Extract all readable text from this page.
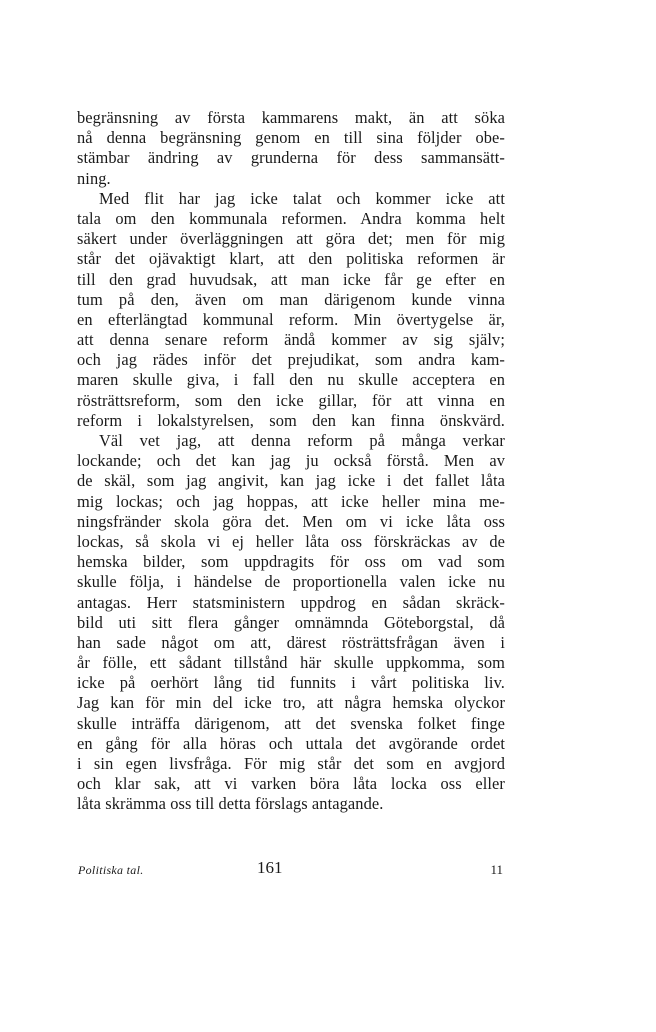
begränsning av första kammarens makt, än att söka
nå denna begränsning genom en till sina följder obe-
stämbar ändring av grunderna för dess sammansätt-
ning.
Med flit har jag icke talat och kommer icke att
tala om den kommunala reformen. Andra komma helt
säkert under överläggningen att göra det; men för mig
står det ojävaktigt klart, att den politiska reformen är
till den grad huvudsak, att man icke får ge efter en
tum på den, även om man därigenom kunde vinna
en efterlängtad kommunal reform. Min övertygelse är,
att denna senare reform ändå kommer av sig själv;
och jag rädes inför det prejudikat, som andra kam-
maren skulle giva, i fall den nu skulle acceptera en
rösträttsreform, som den icke gillar, för att vinna en
reform i lokalstyrelsen, som den kan finna önskvärd.
Väl vet jag, att denna reform på många verkar
lockande; och det kan jag ju också förstå. Men av
de skäl, som jag angivit, kan jag icke i det fallet låta
mig lockas; och jag hoppas, att icke heller mina me-
ningsfränder skola göra det. Men om vi icke låta oss
lockas, så skola vi ej heller låta oss förskräckas av de
hemska bilder, som uppdragits för oss om vad som
skulle följa, i händelse de proportionella valen icke nu
antagas. Herr statsministern uppdrog en sådan skräck-
bild uti sitt flera gånger omnämnda Göteborgstal, då
han sade något om att, därest rösträttsfrågan även i
år fölle, ett sådant tillstånd här skulle uppkomma, som
icke på oerhört lång tid funnits i vårt politiska liv.
Jag kan för min del icke tro, att några hemska olyckor
skulle inträffa därigenom, att det svenska folket finge
en gång för alla höras och uttala det avgörande ordet
i sin egen livsfråga. För mig står det som en avgjord
och klar sak, att vi varken böra låta locka oss eller
låta skrämma oss till detta förslags antagande.
Politiska tal.	161	11
